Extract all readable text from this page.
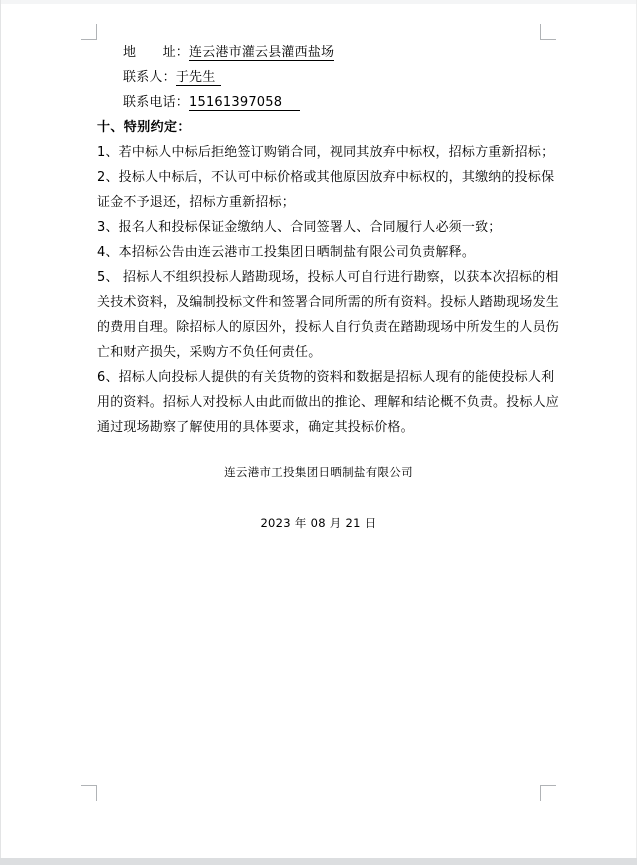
地　　址：连云港市灌云县灌西盐场
联系人：于先生
联系电话：15161397058
十、特别约定：
1、若中标人中标后拒绝签订购销合同，视同其放弃中标权，招标方重新招标；
2、投标人中标后，不认可中标价格或其他原因放弃中标权的，其缴纳的投标保
证金不予退还，招标方重新招标；
3、报名人和投标保证金缴纳人、合同签署人、合同履行人必须一致；
4、本招标公告由连云港市工投集团日晒制盐有限公司负责解释。
5、 招标人不组织投标人踏勘现场，投标人可自行进行勘察，以获本次招标的相
关技术资料，及编制投标文件和签署合同所需的所有资料。投标人踏勘现场发生
的费用自理。除招标人的原因外，投标人自行负责在踏勘现场中所发生的人员伤
亡和财产损失，采购方不负任何责任。
6、招标人向投标人提供的有关货物的资料和数据是招标人现有的能使投标人利
用的资料。招标人对投标人由此而做出的推论、理解和结论概不负责。投标人应
通过现场勘察了解使用的具体要求，确定其投标价格。
连云港市工投集团日晒制盐有限公司
2023 年 08 月 21 日
